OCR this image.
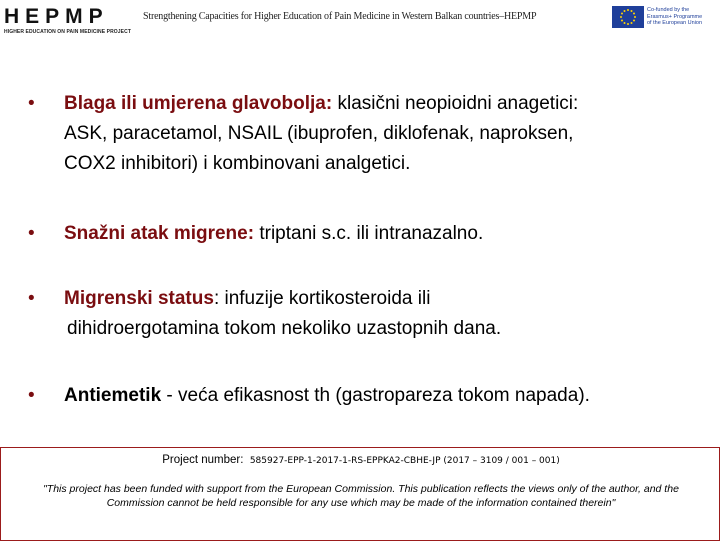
HEPMP
HIGHER EDUCATION ON PAIN MEDICINE PROJECT
Strengthening Capacities for Higher Education of Pain Medicine in Western Balkan countries–HEPMP
Co-funded by the
Erasmus+ Programme
of the European Union
• Blaga ili umjerena glavobolja: klasični neopioidni anagetici:
ASK, paracetamol, NSAIL (ibuprofen, diklofenak, naproksen,
COX2 inhibitori) i kombinovani analgetici.
• Snažni atak migrene: triptani s.c. ili intranazalno.
• Migrenski status: infuzije kortikosteroida ili
dihidroergotamina tokom nekoliko uzastopnih dana.
• Antiemetik - veća efikasnost th (gastropareza tokom napada).
Project number: 585927-EPP-1-2017-1-RS-EPPKA2-CBHE-JP (2017 – 3109 / 001 – 001)
"This project has been funded with support from the European Commission. This publication reflects the views only of the author, and the Commission cannot be held responsible for any use which may be made of the information contained therein"
